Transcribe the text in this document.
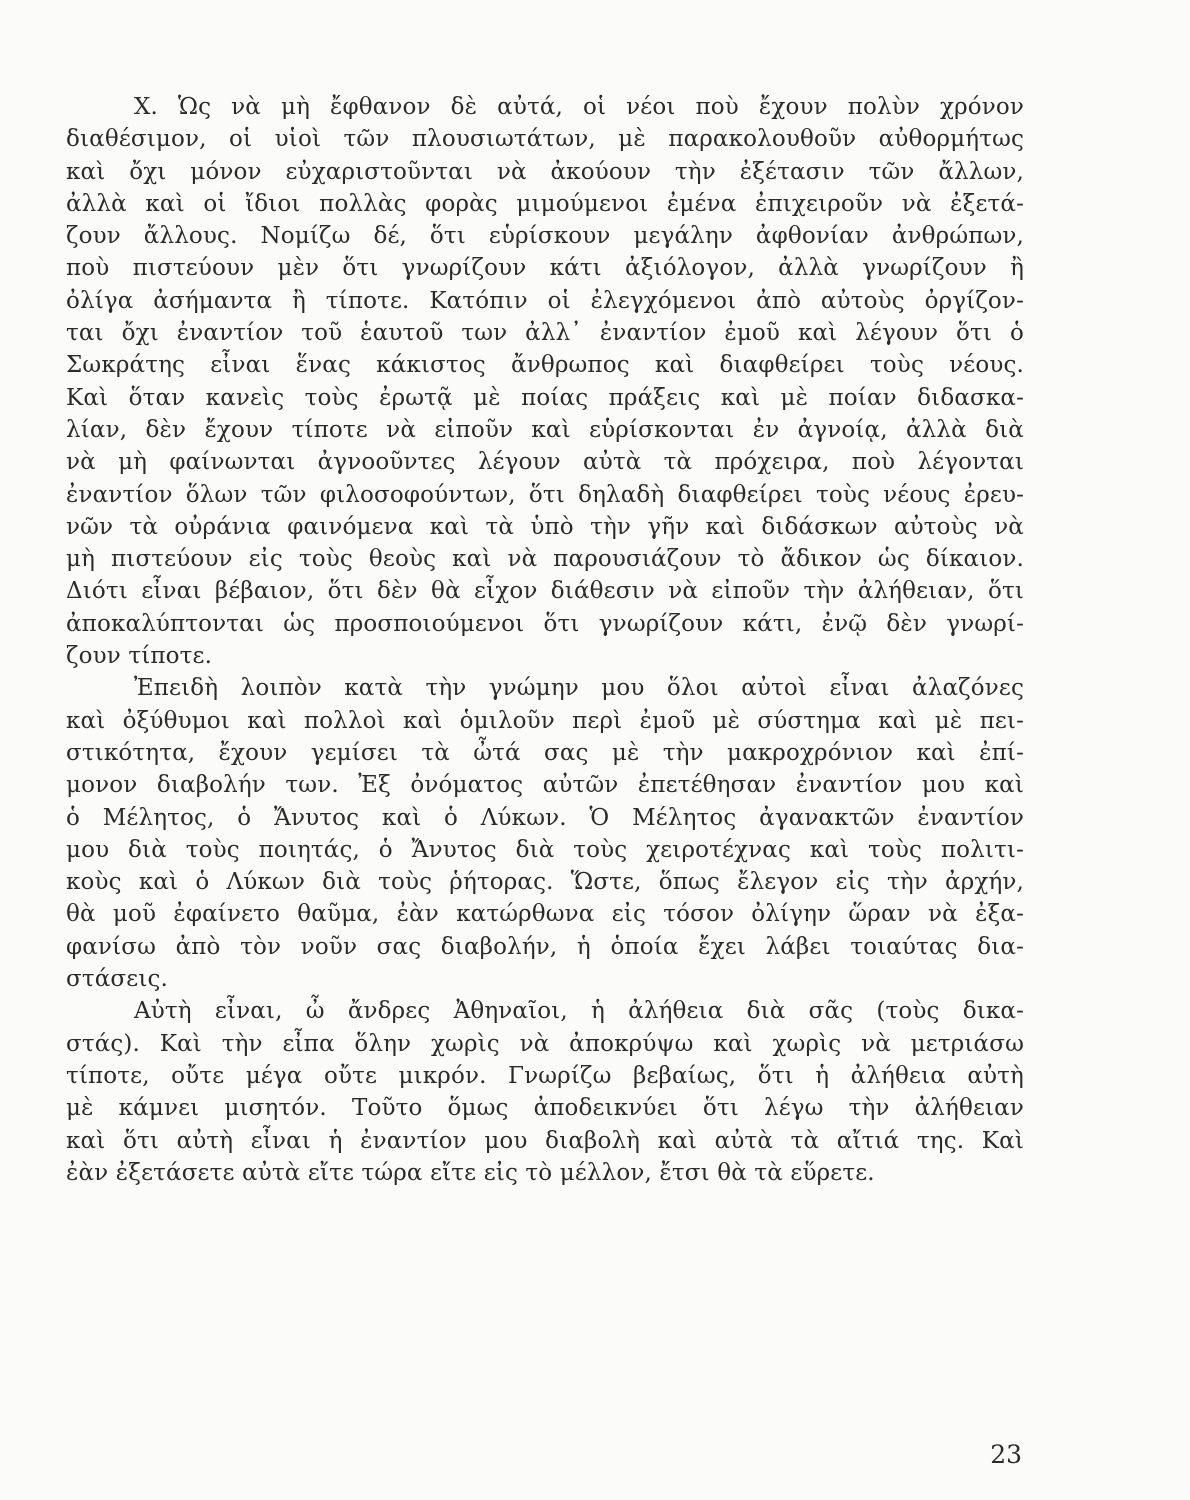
X. Ὡς νὰ μὴ ἔφθανον δὲ αὐτά, οἱ νέοι ποὺ ἔχουν πολὺν χρόνον
διαθέσιμον, οἱ υἱοὶ τῶν πλουσιωτάτων, μὲ παρακολουθοῦν αὐθορμήτως
καὶ ὄχι μόνον εὐχαριστοῦνται νὰ ἀκούουν τὴν ἐξέτασιν τῶν ἄλλων,
ἀλλὰ καὶ οἱ ἴδιοι πολλὰς φορὰς μιμούμενοι ἐμένα ἐπιχειροῦν νὰ ἐξετά-
ζουν ἄλλους. Νομίζω δέ, ὅτι εὑρίσκουν μεγάλην ἀφθονίαν ἀνθρώπων,
ποὺ πιστεύουν μὲν ὅτι γνωρίζουν κάτι ἀξιόλογον, ἀλλὰ γνωρίζουν ἢ
ὀλίγα ἀσήμαντα ἢ τίποτε. Κατόπιν οἱ ἐλεγχόμενοι ἀπὸ αὐτοὺς ὀργίζον-
ται ὄχι ἐναντίον τοῦ ἑαυτοῦ των ἀλλ᾽ ἐναντίον ἐμοῦ καὶ λέγουν ὅτι ὁ
Σωκράτης εἶναι ἕνας κάκιστος ἄνθρωπος καὶ διαφθείρει τοὺς νέους.
Καὶ ὅταν κανεὶς τοὺς ἐρωτᾷ μὲ ποίας πράξεις καὶ μὲ ποίαν διδασκα-
λίαν, δὲν ἔχουν τίποτε νὰ εἰποῦν καὶ εὑρίσκονται ἐν ἀγνοίᾳ, ἀλλὰ διὰ
νὰ μὴ φαίνωνται ἀγνοοῦντες λέγουν αὐτὰ τὰ πρόχειρα, ποὺ λέγονται
ἐναντίον ὅλων τῶν φιλοσοφούντων, ὅτι δηλαδὴ διαφθείρει τοὺς νέους ἐρευ-
νῶν τὰ οὐράνια φαινόμενα καὶ τὰ ὑπὸ τὴν γῆν καὶ διδάσκων αὐτοὺς νὰ
μὴ πιστεύουν εἰς τοὺς θεοὺς καὶ νὰ παρουσιάζουν τὸ ἄδικον ὡς δίκαιον.
Διότι εἶναι βέβαιον, ὅτι δὲν θὰ εἶχον διάθεσιν νὰ εἰποῦν τὴν ἀλήθειαν, ὅτι
ἀποκαλύπτονται ὡς προσποιούμενοι ὅτι γνωρίζουν κάτι, ἐνῷ δὲν γνωρί-
ζουν τίποτε.
Ἐπειδὴ λοιπὸν κατὰ τὴν γνώμην μου ὅλοι αὐτοὶ εἶναι ἀλαζόνες
καὶ ὀξύθυμοι καὶ πολλοὶ καὶ ὁμιλοῦν περὶ ἐμοῦ μὲ σύστημα καὶ μὲ πει-
στικότητα, ἔχουν γεμίσει τὰ ὦτά σας μὲ τὴν μακροχρόνιον καὶ ἐπί-
μονον διαβολήν των. Ἐξ ὀνόματος αὐτῶν ἐπετέθησαν ἐναντίον μου καὶ
ὁ Μέλητος, ὁ Ἄνυτος καὶ ὁ Λύκων. Ὁ Μέλητος ἀγανακτῶν ἐναντίον
μου διὰ τοὺς ποιητάς, ὁ Ἄνυτος διὰ τοὺς χειροτέχνας καὶ τοὺς πολιτι-
κοὺς καὶ ὁ Λύκων διὰ τοὺς ῥήτορας. Ὥστε, ὅπως ἔλεγον εἰς τὴν ἀρχήν,
θὰ μοῦ ἐφαίνετο θαῦμα, ἐὰν κατώρθωνα εἰς τόσον ὀλίγην ὥραν νὰ ἐξα-
φανίσω ἀπὸ τὸν νοῦν σας διαβολήν, ἡ ὁποία ἔχει λάβει τοιαύτας δια-
στάσεις.
Αὐτὴ εἶναι, ὦ ἄνδρες Ἀθηναῖοι, ἡ ἀλήθεια διὰ σᾶς (τοὺς δικα-
στάς). Καὶ τὴν εἶπα ὅλην χωρὶς νὰ ἀποκρύψω καὶ χωρὶς νὰ μετριάσω
τίποτε, οὔτε μέγα οὔτε μικρόν. Γνωρίζω βεβαίως, ὅτι ἡ ἀλήθεια αὐτὴ
μὲ κάμνει μισητόν. Τοῦτο ὅμως ἀποδεικνύει ὅτι λέγω τὴν ἀλήθειαν
καὶ ὅτι αὐτὴ εἶναι ἡ ἐναντίον μου διαβολὴ καὶ αὐτὰ τὰ αἴτιά της. Καὶ
ἐὰν ἐξετάσετε αὐτὰ εἴτε τώρα εἴτε εἰς τὸ μέλλον, ἔτσι θὰ τὰ εὕρετε.
23
